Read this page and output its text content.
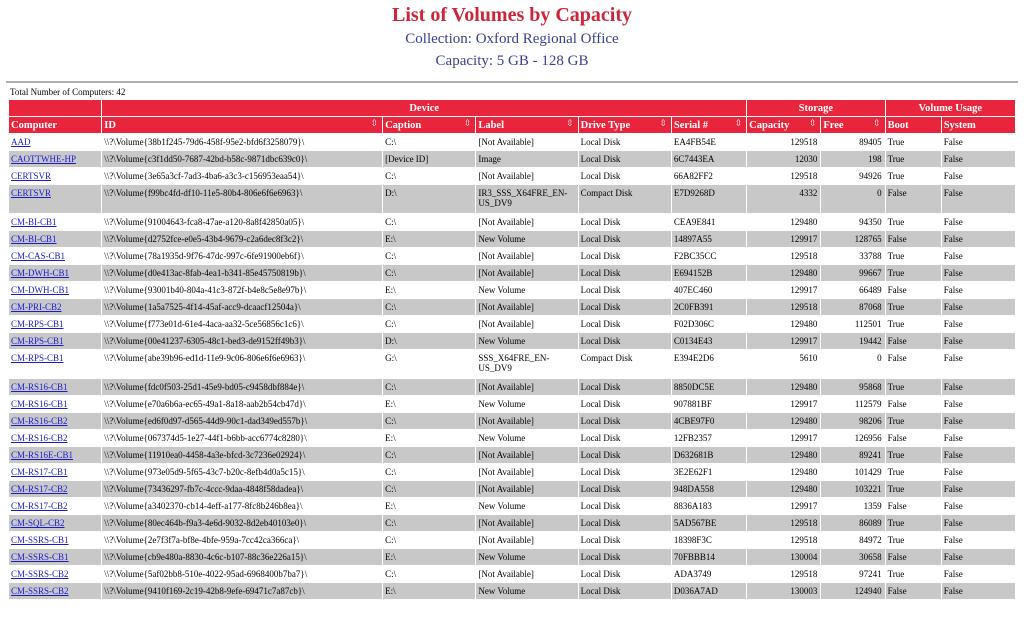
List of Volumes by Capacity
Collection: Oxford Regional Office
Capacity: 5 GB - 128 GB
Total Number of Computers: 42
	Device					Storage		Volume Usage	
Computer	ID ⇳	Caption ⇳	Label ⇳	Drive Type ⇳	Serial # ⇳	Capacity ⇳	Free ⇳	Boot	System
AAD	\\?\Volume{38b1f245-79d6-458f-95e2-bfd6f3258079}\	C:\	[Not Available]	Local Disk	EA4FB54E	129518	89405	True	False
CAOTTWHE-HP	\\?\Volume{c3f1dd50-7687-42bd-b58c-9871dbc639c0}\	[Device ID]	Image	Local Disk	6C7443EA	12030	198	True	False
CERTSVR	\\?\Volume{3e65a3cf-7ad3-4ba6-a3c3-c156953eaa54}\	C:\	[Not Available]	Local Disk	66A82FF2	129518	94926	True	False
CERTSVR	\\?\Volume{f99bc4fd-df10-11e5-80b4-806e6f6e6963}\	D:\	IR3_SSS_X64FRE_EN-US_DV9	Compact Disk	E7D9268D	4332	0	False	False
CM-BI-CB1	\\?\Volume{91004643-fca8-47ae-a120-8a8f42850a05}\	C:\	[Not Available]	Local Disk	CEA9E841	129480	94350	True	False
CM-BI-CB1	\\?\Volume{d2752fce-e0e5-43b4-9679-c2a6dec8f3c2}\	E:\	New Volume	Local Disk	14897A55	129917	128765	False	False
CM-CAS-CB1	\\?\Volume{78a1935d-9f76-47dc-997c-6fe91900eb6f}\	C:\	[Not Available]	Local Disk	F2BC35CC	129518	33788	True	False
CM-DWH-CB1	\\?\Volume{d0e413ac-8fab-4ea1-b341-85e45750819b}\	C:\	[Not Available]	Local Disk	E694152B	129480	99667	True	False
CM-DWH-CB1	\\?\Volume{93001b40-804a-41c3-872f-b4e8c5e8e97b}\	E:\	New Volume	Local Disk	407EC460	129917	66489	False	False
CM-PRI-CB2	\\?\Volume{1a5a7525-4f14-45af-acc9-dcaacf12504a}\	C:\	[Not Available]	Local Disk	2C0FB391	129518	87068	True	False
CM-RPS-CB1	\\?\Volume{f773e01d-61e4-4aca-aa32-5ce56856c1c6}\	C:\	[Not Available]	Local Disk	F02D306C	129480	112501	True	False
CM-RPS-CB1	\\?\Volume{00e41237-6305-48c1-bed3-de9152ff49b3}\	D:\	New Volume	Local Disk	C0134E43	129917	19442	False	False
CM-RPS-CB1	\\?\Volume{abe39b96-ed1d-11e9-9c06-806e6f6e6963}\	G:\	SSS_X64FRE_EN-US_DV9	Compact Disk	E394E2D6	5610	0	False	False
CM-RS16-CB1	\\?\Volume{fdc0f503-25d1-45e9-bd05-c9458dbf884e}\	C:\	[Not Available]	Local Disk	8850DC5E	129480	95868	True	False
CM-RS16-CB1	\\?\Volume{e70a6b6a-ec65-49a1-8a18-aab2b54cb47d}\	E:\	New Volume	Local Disk	907881BF	129917	112579	False	False
CM-RS16-CB2	\\?\Volume{ed6f0d97-d565-44d9-90c1-dad349ed557b}\	C:\	[Not Available]	Local Disk	4CBE97F0	129480	98206	True	False
CM-RS16-CB2	\\?\Volume{067374d5-1e27-44f1-b6bb-acc6774c8280}\	E:\	New Volume	Local Disk	12FB2357	129917	126956	False	False
CM-RS16E-CB1	\\?\Volume{11910ea0-4458-4a3e-bfcd-3c7236e02924}\	C:\	[Not Available]	Local Disk	D632681B	129480	89241	True	False
CM-RS17-CB1	\\?\Volume{973e05d9-5f65-43c7-b20c-8efb4d0a5c15}\	C:\	[Not Available]	Local Disk	3E2E62F1	129480	101429	True	False
CM-RS17-CB2	\\?\Volume{73436297-fb7c-4ccc-9daa-4848f58dadea}\	C:\	[Not Available]	Local Disk	948DA558	129480	103221	True	False
CM-RS17-CB2	\\?\Volume{a3402370-cb14-4eff-a177-8fc8b246b8ea}\	E:\	New Volume	Local Disk	8836A183	129917	1359	False	False
CM-SQL-CB2	\\?\Volume{80ec464b-f9a3-4e6d-9032-8d2eb40103e0}\	C:\	[Not Available]	Local Disk	5AD567BE	129518	86089	True	False
CM-SSRS-CB1	\\?\Volume{2e7f3f7a-bf8e-4bfe-959a-7cc42ca366ca}\	C:\	[Not Available]	Local Disk	18398F3C	129518	84972	True	False
CM-SSRS-CB1	\\?\Volume{cb9e480a-8830-4c6c-b107-88c36e226a15}\	E:\	New Volume	Local Disk	70FBBB14	130004	30658	False	False
CM-SSRS-CB2	\\?\Volume{5af02bb8-510e-4022-95ad-6968400b7ba7}\	C:\	[Not Available]	Local Disk	ADA3749	129518	97241	True	False
CM-SSRS-CB2	\\?\Volume{9410f169-2c19-42b8-9efe-69471c7a87cb}\	E:\	New Volume	Local Disk	D036A7AD	130003	124940	False	False
